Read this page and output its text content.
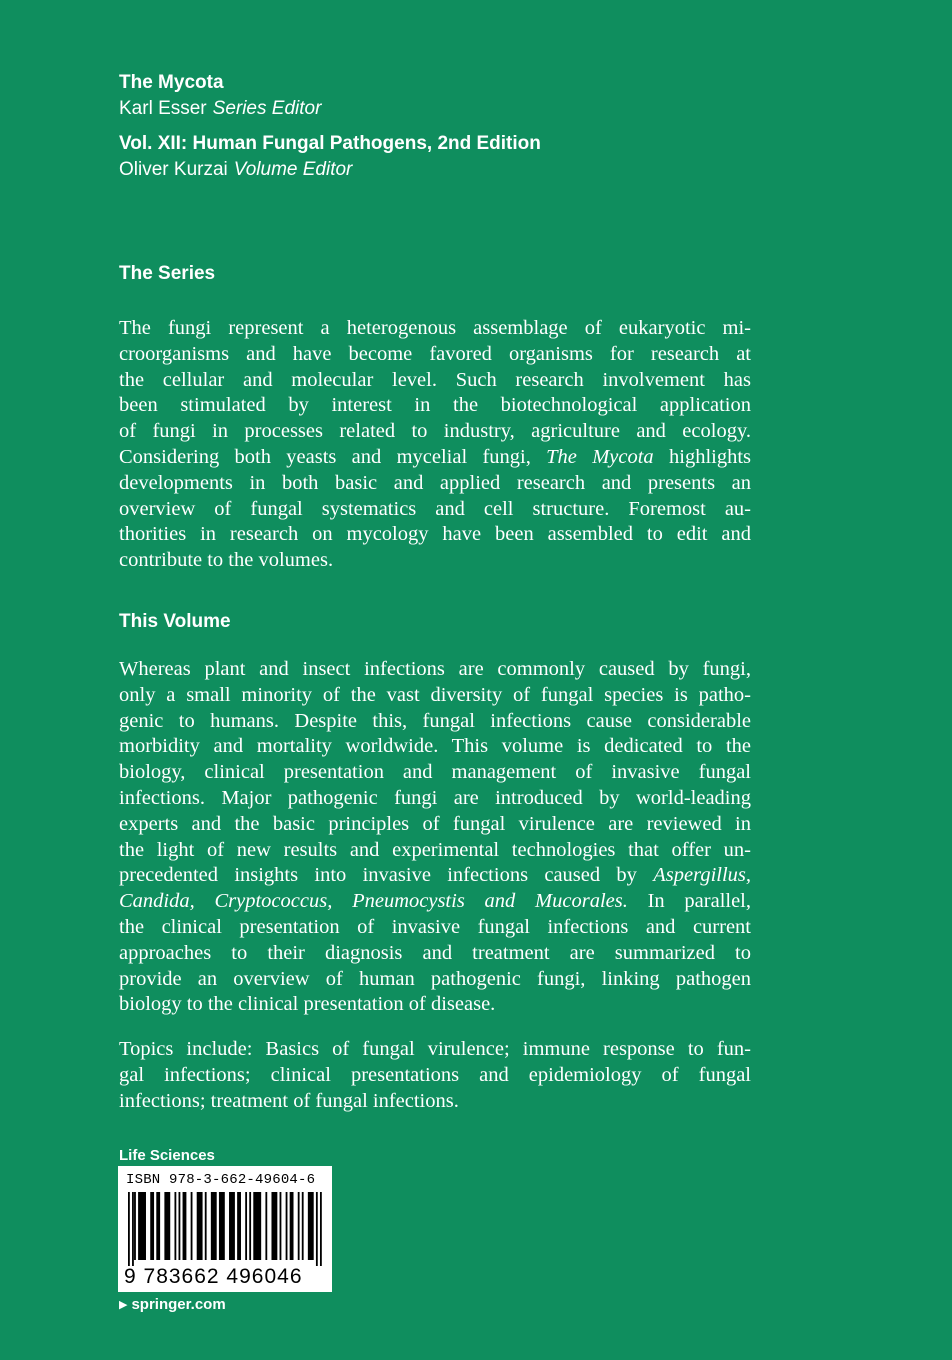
The Mycota
Karl Esser Series Editor
Vol. XII: Human Fungal Pathogens, 2nd Edition
Oliver Kurzai Volume Editor
The Series
The fungi represent a heterogenous assemblage of eukaryotic mi-
croorganisms and have become favored organisms for research at
the cellular and molecular level. Such research involvement has
been stimulated by interest in the biotechnological application
of fungi in processes related to industry, agriculture and ecology.
Considering both yeasts and mycelial fungi, The Mycota highlights
developments in both basic and applied research and presents an
overview of fungal systematics and cell structure. Foremost au-
thorities in research on mycology have been assembled to edit and
contribute to the volumes.
This Volume
Whereas plant and insect infections are commonly caused by fungi,
only a small minority of the vast diversity of fungal species is patho-
genic to humans. Despite this, fungal infections cause considerable
morbidity and mortality worldwide. This volume is dedicated to the
biology, clinical presentation and management of invasive fungal
infections. Major pathogenic fungi are introduced by world-leading
experts and the basic principles of fungal virulence are reviewed in
the light of new results and experimental technologies that offer un-
precedented insights into invasive infections caused by Aspergillus,
Candida, Cryptococcus, Pneumocystis and Mucorales. In parallel,
the clinical presentation of invasive fungal infections and current
approaches to their diagnosis and treatment are summarized to
provide an overview of human pathogenic fungi, linking pathogen
biology to the clinical presentation of disease.
Topics include: Basics of fungal virulence; immune response to fun-
gal infections; clinical presentations and epidemiology of fungal
infections; treatment of fungal infections.
Life Sciences
ISBN 978-3-662-49604-6
9 783662 496046
▶ springer.com
